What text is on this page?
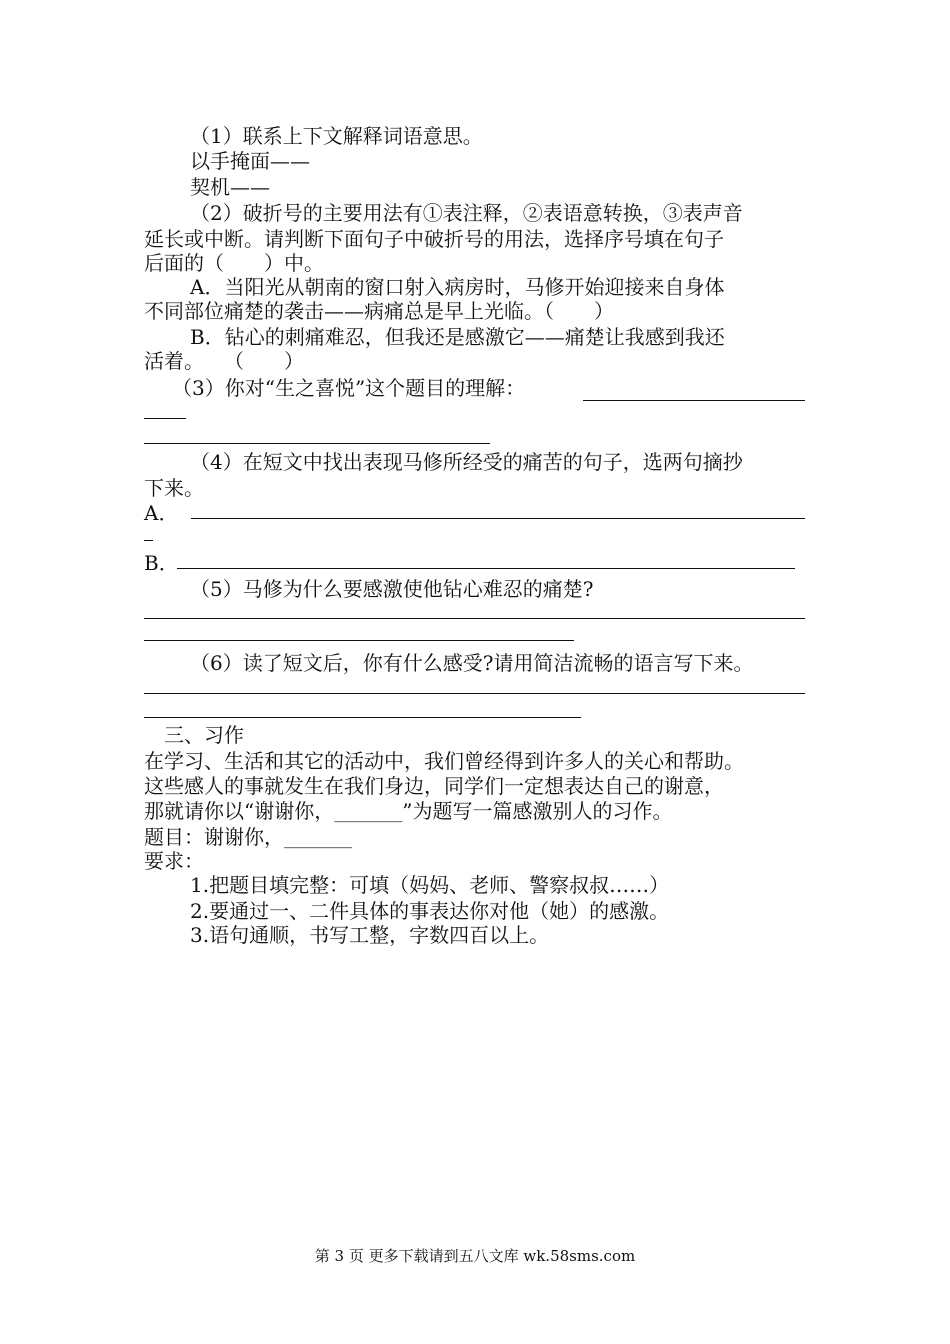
（1）联系上下文解释词语意思。
以手掩面——
契机——
（2）破折号的主要用法有①表注释，②表语意转换，③表声音
延长或中断。请判断下面句子中破折号的用法，选择序号填在句子
后面的（　　）中。
A．当阳光从朝南的窗口射入病房时，马修开始迎接来自身体
不同部位痛楚的袭击——病痛总是早上光临。（　　）
B．钻心的刺痛难忍，但我还是感激它——痛楚让我感到我还
活着。　　（　　）
（3）你对“生之喜悦”这个题目的理解：
（4）在短文中找出表现马修所经受的痛苦的句子，选两句摘抄
下来。
A．
B．
（5）马修为什么要感激使他钻心难忍的痛楚?
（6）读了短文后，你有什么感受?请用简洁流畅的语言写下来。
三、习作
在学习、生活和其它的活动中，我们曾经得到许多人的关心和帮助。
这些感人的事就发生在我们身边，同学们一定想表达自己的谢意，
那就请你以“谢谢你，________”为题写一篇感激别人的习作。
题目：谢谢你，________
要求：
1.把题目填完整：可填（妈妈、老师、警察叔叔……）
2.要通过一、二件具体的事表达你对他（她）的感激。
3.语句通顺，书写工整，字数四百以上。
第 3 页 更多下载请到五八文库 wk.58sms.com
